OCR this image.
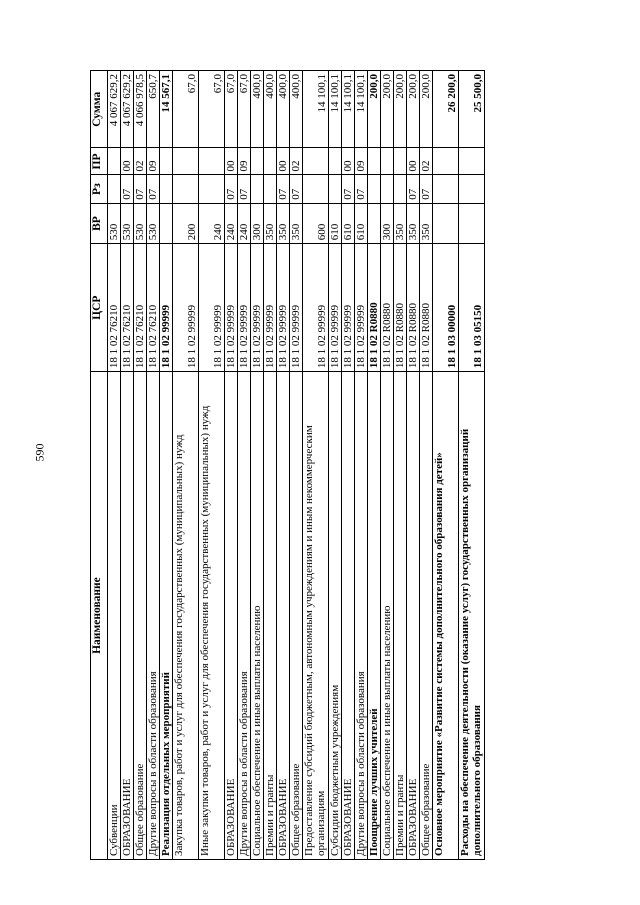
590
Наименование	ЦСР	ВР	Рз	ПР	Сумма
Субвенции	18 1 02 76210	530			4 067 629,2
ОБРАЗОВАНИЕ	18 1 02 76210	530	07	00	4 067 629,2
Общее образование	18 1 02 76210	530	07	02	4 066 978,5
Другие вопросы в области образования	18 1 02 76210	530	07	09	650,7
Реализация отдельных мероприятий	18 1 02 99999				14 567,1
Закупка товаров, работ и услуг для обеспечения государственных (муниципальных) нужд	18 1 02 99999	200			67,0
Иные закупки товаров, работ и услуг для обеспечения государственных (муниципальных) нужд	18 1 02 99999	240			67,0
ОБРАЗОВАНИЕ	18 1 02 99999	240	07	00	67,0
Другие вопросы в области образования	18 1 02 99999	240	07	09	67,0
Социальное обеспечение и иные выплаты населению	18 1 02 99999	300			400,0
Премии и гранты	18 1 02 99999	350			400,0
ОБРАЗОВАНИЕ	18 1 02 99999	350	07	00	400,0
Общее образование	18 1 02 99999	350	07	02	400,0
Предоставление субсидий бюджетным, автономным учреждениям и иным некоммерческим организациям	18 1 02 99999	600			14 100,1
Субсидии бюджетным учреждениям	18 1 02 99999	610			14 100,1
ОБРАЗОВАНИЕ	18 1 02 99999	610	07	00	14 100,1
Другие вопросы в области образования	18 1 02 99999	610	07	09	14 100,1
Поощрение лучших учителей	18 1 02 R0880				200,0
Социальное обеспечение и иные выплаты населению	18 1 02 R0880	300			200,0
Премии и гранты	18 1 02 R0880	350			200,0
ОБРАЗОВАНИЕ	18 1 02 R0880	350	07	00	200,0
Общее образование	18 1 02 R0880	350	07	02	200,0
Основное мероприятие «Развитие системы дополнительного образования детей»	18 1 03 00000				26 200,0
Расходы на обеспечение деятельности (оказание услуг) государственных организаций дополнительного образования	18 1 03 05150				25 500,0
